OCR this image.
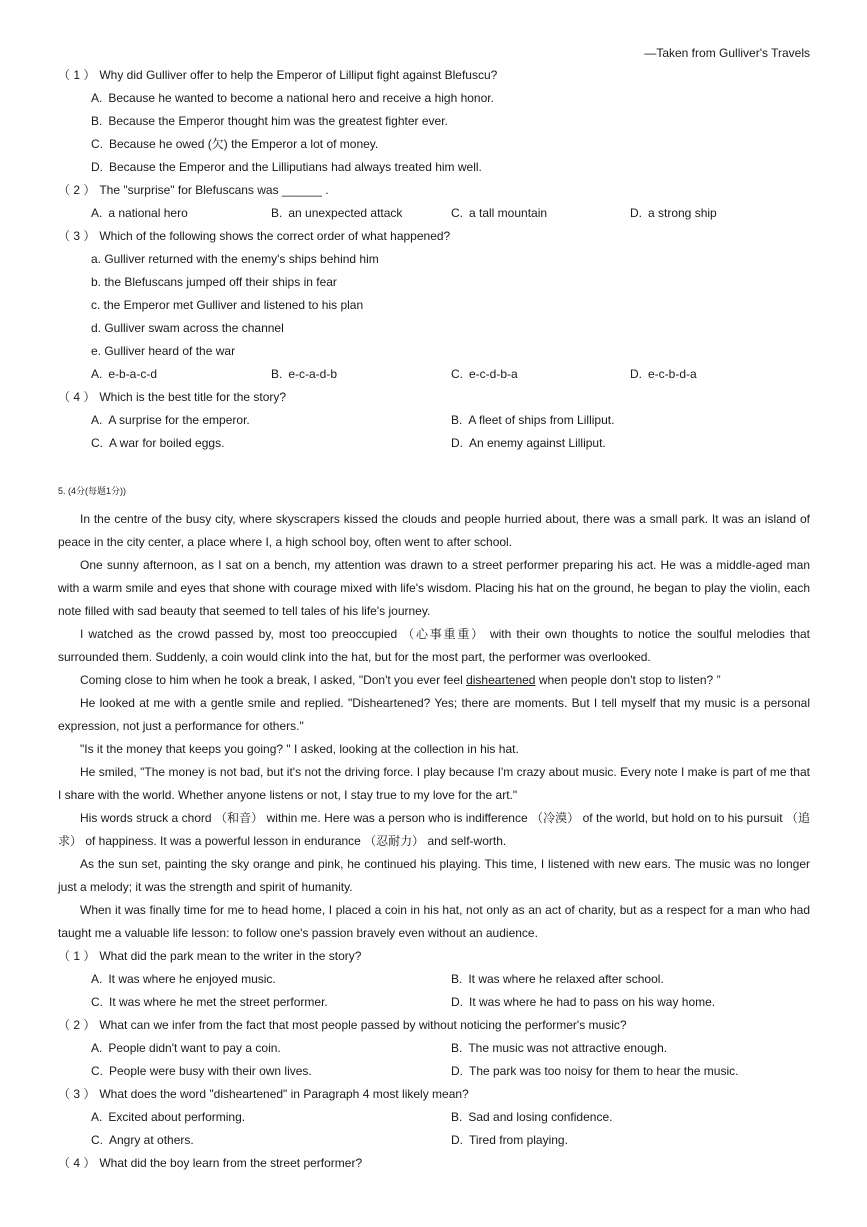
—Taken from Gulliver's Travels
（ 1 ） Why did Gulliver offer to help the Emperor of Lilliput fight against Blefuscu?
A. Because he wanted to become a national hero and receive a high honor.
B. Because the Emperor thought him was the greatest fighter ever.
C. Because he owed (欠) the Emperor a lot of money.
D. Because the Emperor and the Lilliputians had always treated him well.
（ 2 ） The "surprise" for Blefuscans was ______ .
A. a national hero	B. an unexpected attack	C. a tall mountain	D. a strong ship
（ 3 ） Which of the following shows the correct order of what happened?
a. Gulliver returned with the enemy's ships behind him
b. the Blefuscans jumped off their ships in fear
c. the Emperor met Gulliver and listened to his plan
d. Gulliver swam across the channel
e. Gulliver heard of the war
A. e-b-a-c-d	B. e-c-a-d-b	C. e-c-d-b-a	D. e-c-b-d-a
（ 4 ） Which is the best title for the story?
A. A surprise for the emperor.	B. A fleet of ships from Lilliput.
C. A war for boiled eggs.	D. An enemy against Lilliput.
5. (4分(每题1分))

In the centre of the busy city, where skyscrapers kissed the clouds and people hurried about, there was a small park. It was an island of peace in the city center, a place where I, a high school boy, often went to after school.

One sunny afternoon, as I sat on a bench, my attention was drawn to a street performer preparing his act. He was a middle-aged man with a warm smile and eyes that shone with courage mixed with life's wisdom. Placing his hat on the ground, he began to play the violin, each note filled with sad beauty that seemed to tell tales of his life's journey.

I watched as the crowd passed by, most too preoccupied （心事重重） with their own thoughts to notice the soulful melodies that surrounded them. Suddenly, a coin would clink into the hat, but for the most part, the performer was overlooked.

Coming close to him when he took a break, I asked, "Don't you ever feel disheartened when people don't stop to listen? ”

He looked at me with a gentle smile and replied. "Disheartened? Yes; there are moments. But I tell myself that my music is a personal expression, not just a performance for others."

"Is it the money that keeps you going? " I asked, looking at the collection in his hat.

He smiled, "The money is not bad, but it's not the driving force. I play because I'm crazy about music. Every note I make is part of me that I share with the world. Whether anyone listens or not, I stay true to my love for the art."

His words struck a chord （和音） within me. Here was a person who is indifference （冷漠） of the world, but hold on to his pursuit （追求） of happiness. It was a powerful lesson in endurance （忍耐力） and self-worth.

As the sun set, painting the sky orange and pink, he continued his playing. This time, I listened with new ears. The music was no longer just a melody; it was the strength and spirit of humanity.

When it was finally time for me to head home, I placed a coin in his hat, not only as an act of charity, but as a respect for a man who had taught me a valuable life lesson: to follow one's passion bravely even without an audience.

（ 1 ） What did the park mean to the writer in the story?
A. It was where he enjoyed music.	B. It was where he relaxed after school.
C. It was where he met the street performer.	D. It was where he had to pass on his way home.
（ 2 ） What can we infer from the fact that most people passed by without noticing the performer's music?
A. People didn't want to pay a coin.	B. The music was not attractive enough.
C. People were busy with their own lives.	D. The park was too noisy for them to hear the music.
（ 3 ） What does the word "disheartened" in Paragraph 4 most likely mean?
A. Excited about performing.	B. Sad and losing confidence.
C. Angry at others.	D. Tired from playing.
（ 4 ） What did the boy learn from the street performer?
